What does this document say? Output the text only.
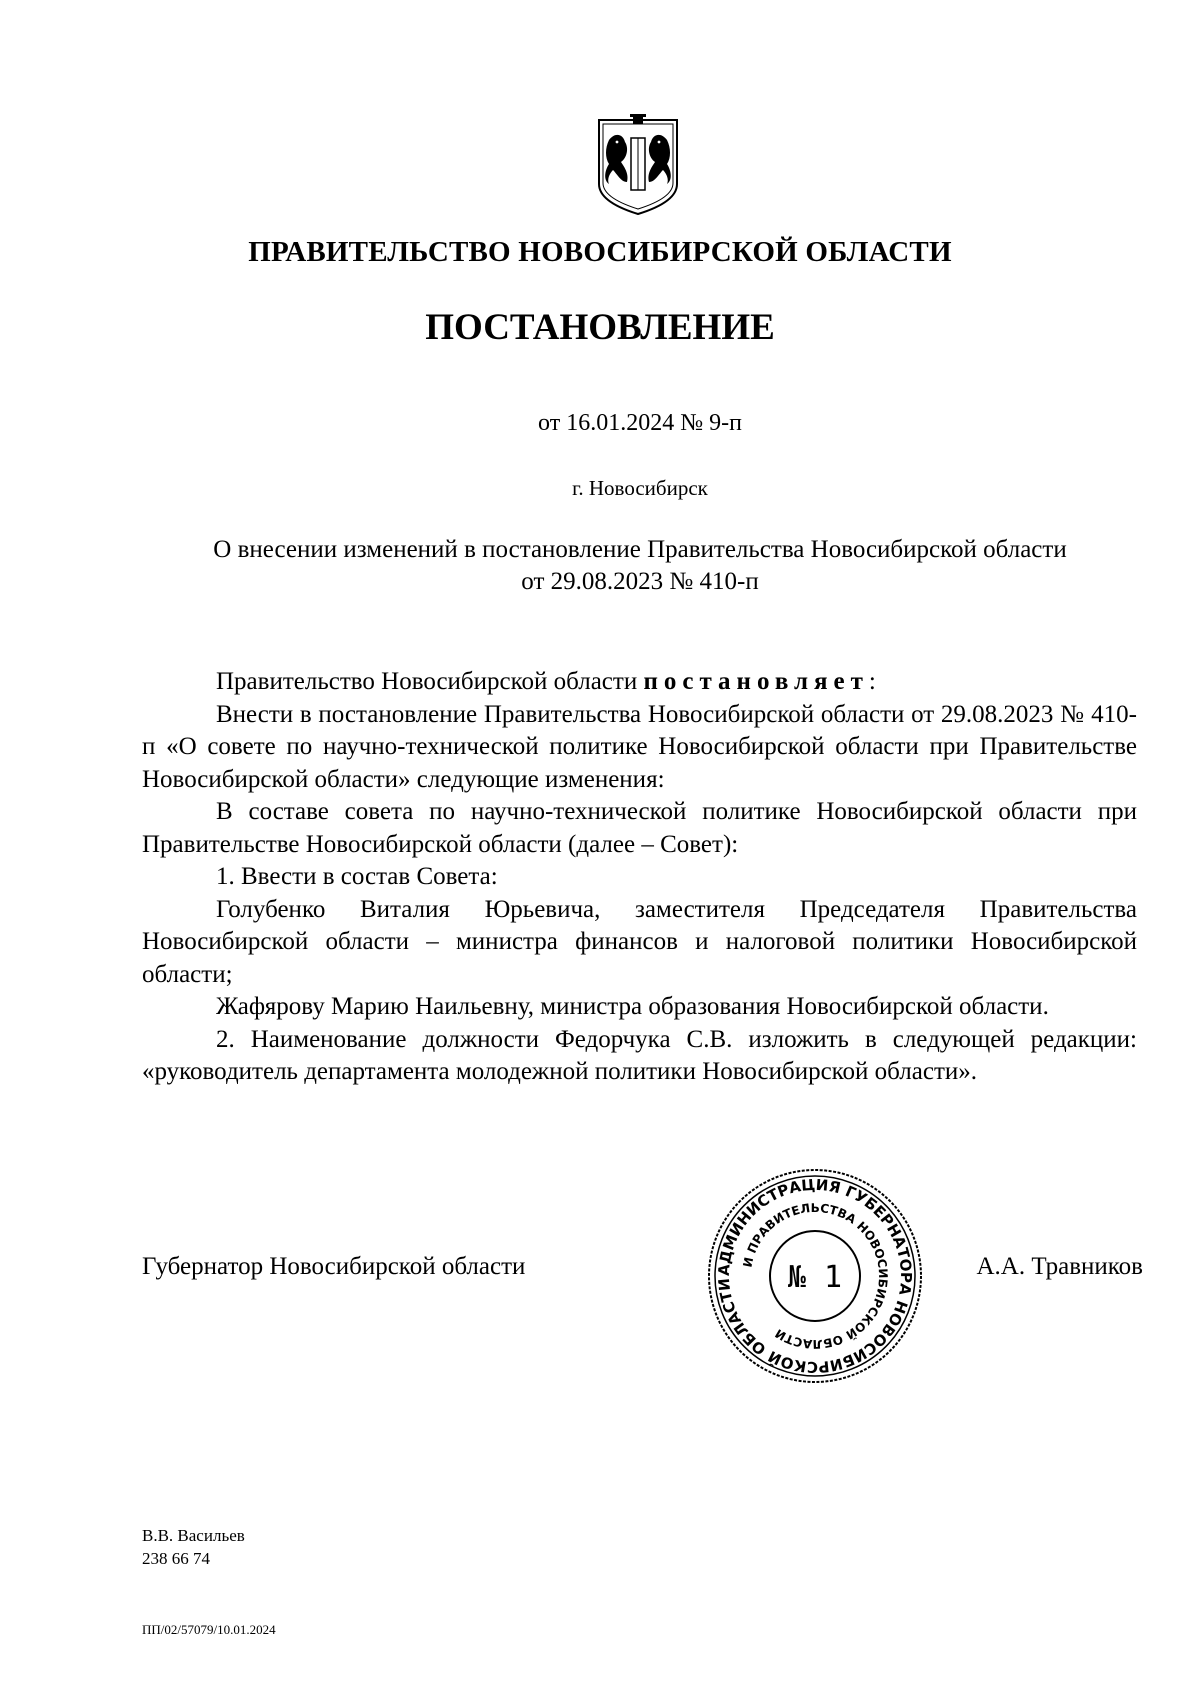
ПРАВИТЕЛЬСТВО НОВОСИБИРСКОЙ ОБЛАСТИ
ПОСТАНОВЛЕНИЕ
от 16.01.2024 № 9-п
г. Новосибирск
О внесении изменений в постановление Правительства Новосибирской области
от 29.08.2023 № 410-п

Правительство Новосибирской области постановляет:

Внести в постановление Правительства Новосибирской области от 29.08.2023 № 410-п «О совете по научно-технической политике Новосибирской области при Правительстве Новосибирской области» следующие изменения:

В составе совета по научно-технической политике Новосибирской области при Правительстве Новосибирской области (далее – Совет):

1. Ввести в состав Совета:

Голубенко Виталия Юрьевича, заместителя Председателя Правительства Новосибирской области – министра финансов и налоговой политики Новосибирской области;

Жафярову Марию Наильевну, министра образования Новосибирской области.

2. Наименование должности Федорчука С.В. изложить в следующей редакции: «руководитель департамента молодежной политики Новосибирской области».

Губернатор Новосибирской области	А.А. Травников
АДМИНИСТРАЦИЯ ГУБЕРНАТОРА НОВОСИБИРСКОЙ ОБЛАСТИ
И ПРАВИТЕЛЬСТВА НОВОСИБИРСКОЙ ОБЛАСТИ
№ 1
В.В. Васильев
238 66 74
ПП/02/57079/10.01.2024
